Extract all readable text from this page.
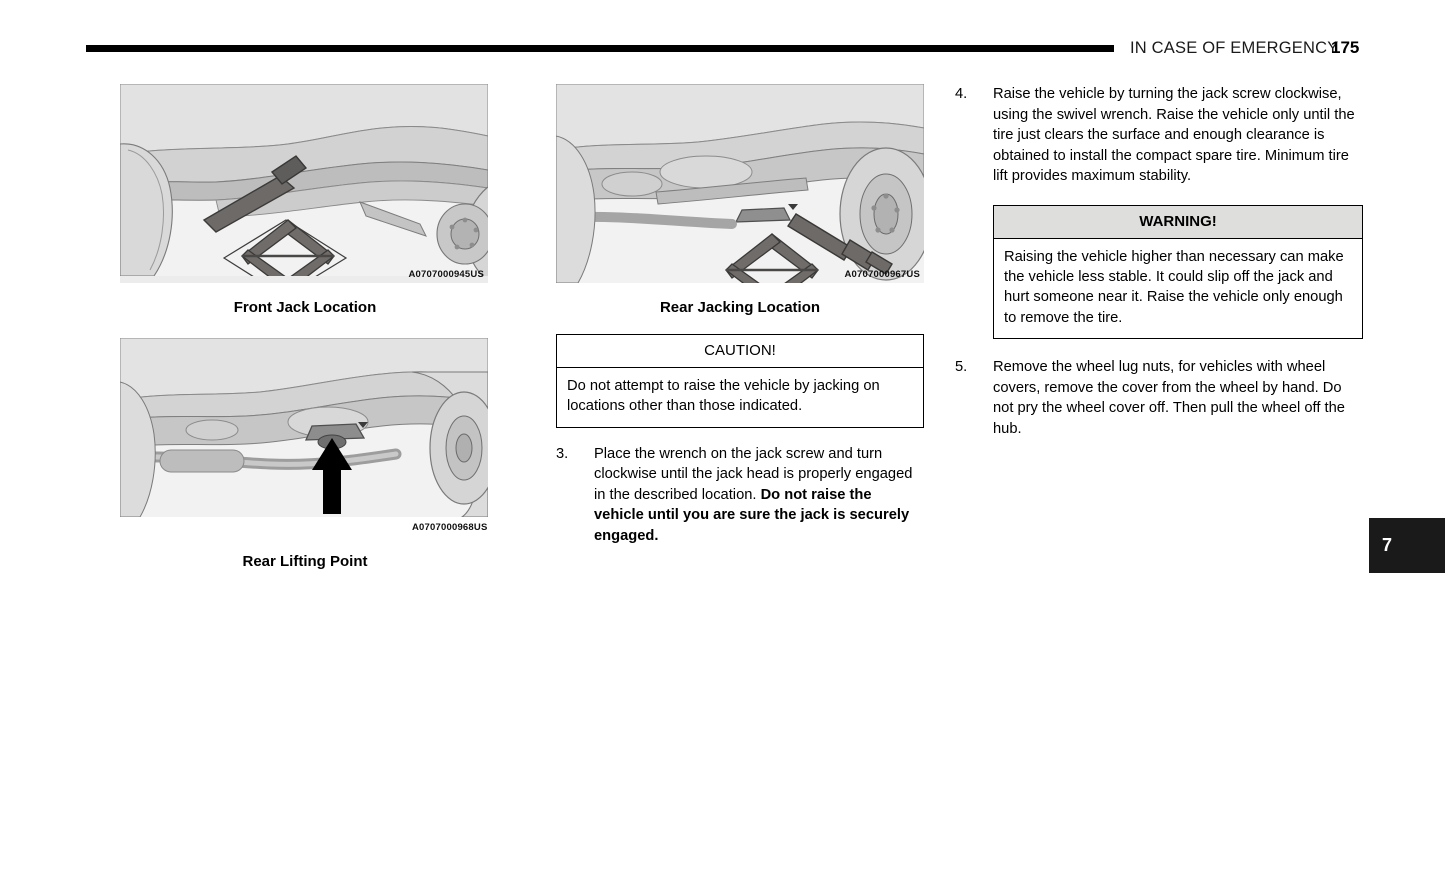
IN CASE OF EMERGENCY
175
A0707000945US
Front Jack Location
A0707000968US
Rear Lifting Point
A0707000967US
Rear Jacking Location
CAUTION!
Do not attempt to raise the vehicle by jacking on locations other than those indicated.
3.	Place the wrench on the jack screw and turn clockwise until the jack head is properly engaged in the described location. Do not raise the vehicle until you are sure the jack is securely engaged.
4.	Raise the vehicle by turning the jack screw clockwise, using the swivel wrench. Raise the vehicle only until the tire just clears the surface and enough clearance is obtained to install the compact spare tire. Minimum tire lift provides maximum stability.
WARNING!
Raising the vehicle higher than necessary can make the vehicle less stable. It could slip off the jack and hurt someone near it. Raise the vehicle only enough to remove the tire.
5.	Remove the wheel lug nuts, for vehicles with wheel covers, remove the cover from the wheel by hand. Do not pry the wheel cover off. Then pull the wheel off the hub.
7
